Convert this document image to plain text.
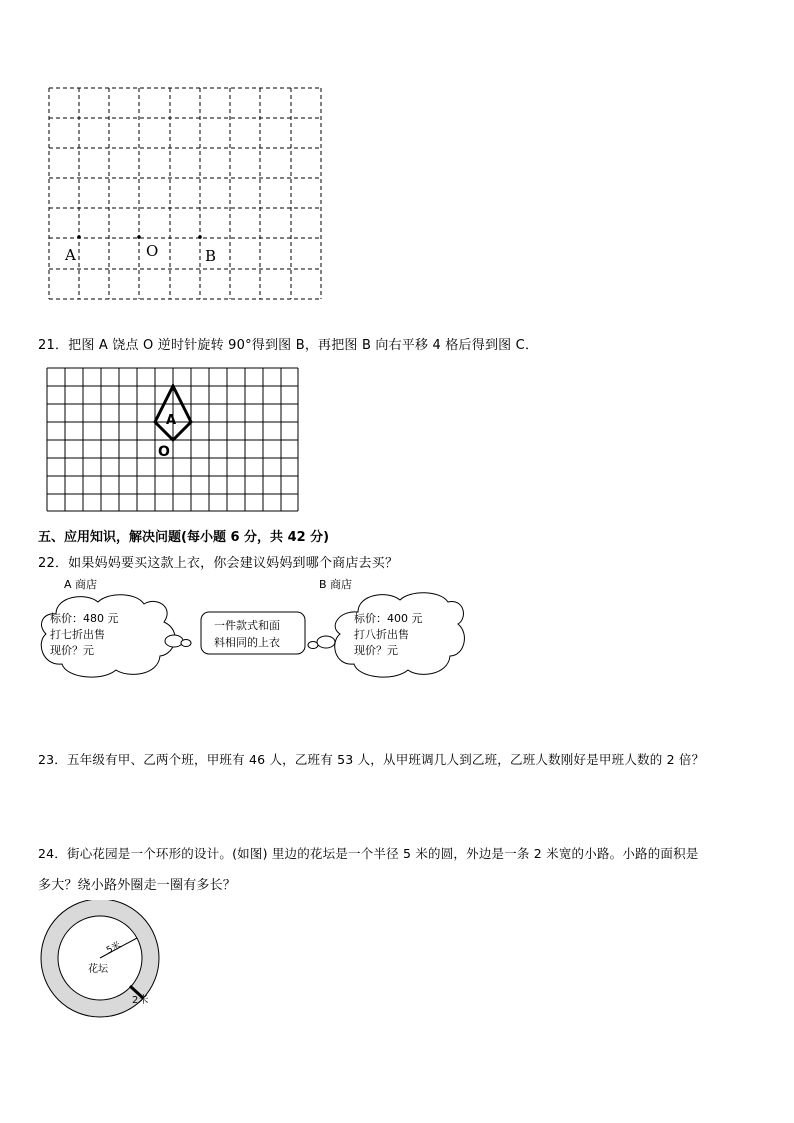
A	O	B
21．把图 A 饶点 O 逆时针旋转 90°得到图 B，再把图 B 向右平移 4 格后得到图 C．
A
O
五、应用知识，解决问题(每小题 6 分，共 42 分)
22．如果妈妈要买这款上衣，你会建议妈妈到哪个商店去买？
A 商店	B 商店
标价：480 元
打七折出售
现价？元
一件款式和面
料相同的上衣
标价：400 元
打八折出售
现价？元
23．五年级有甲、乙两个班，甲班有 46 人，乙班有 53 人，从甲班调几人到乙班，乙班人数刚好是甲班人数的 2 倍？
24．街心花园是一个环形的设计。(如图) 里边的花坛是一个半径 5 米的圆，外边是一条 2 米宽的小路。小路的面积是
多大？绕小路外圈走一圈有多长？
5米
花坛
2米
